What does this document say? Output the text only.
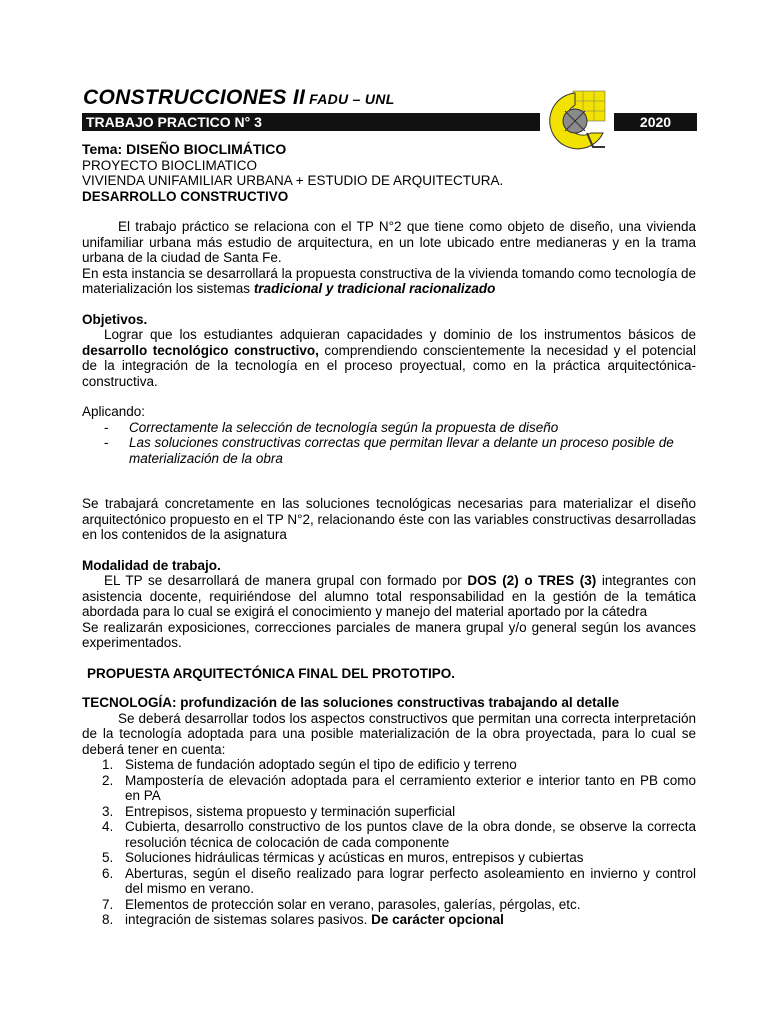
CONSTRUCCIONES II FADU – UNL
TRABAJO PRACTICO N° 3	2020

Tema: DISEÑO BIOCLIMÁTICO

PROYECTO BIOCLIMATICO

VIVIENDA UNIFAMILIAR URBANA + ESTUDIO DE ARQUITECTURA.

DESARROLLO CONSTRUCTIVO

El trabajo práctico se relaciona con el TP N°2 que tiene como objeto de diseño, una vivienda unifamiliar urbana más estudio de arquitectura, en un lote ubicado entre medianeras y en la trama urbana de la ciudad de Santa Fe.

En esta instancia se desarrollará la propuesta constructiva de la vivienda tomando como tecnología de materialización los sistemas tradicional y tradicional racionalizado

Objetivos.

Lograr que los estudiantes adquieran capacidades y dominio de los instrumentos básicos de desarrollo tecnológico constructivo, comprendiendo conscientemente la necesidad y el potencial de la integración de la tecnología en el proceso proyectual, como en la práctica arquitectónica-constructiva.

Aplicando:

- Correctamente la selección de tecnología según la propuesta de diseño
- Las soluciones constructivas correctas que permitan llevar a delante un proceso posible de materialización de la obra

Se trabajará concretamente en las soluciones tecnológicas necesarias para materializar el diseño arquitectónico propuesto en el TP N°2, relacionando éste con las variables constructivas desarrolladas en los contenidos de la asignatura

Modalidad de trabajo.

EL TP se desarrollará de manera grupal con formado por DOS (2) o TRES (3) integrantes con asistencia docente, requiriéndose del alumno total responsabilidad en la gestión de la temática abordada para lo cual se exigirá el conocimiento y manejo del material aportado por la cátedra

Se realizarán exposiciones, correcciones parciales de manera grupal y/o general según los avances experimentados.

PROPUESTA ARQUITECTÓNICA FINAL DEL PROTOTIPO.

TECNOLOGÍA: profundización de las soluciones constructivas trabajando al detalle

Se deberá desarrollar todos los aspectos constructivos que permitan una correcta interpretación de la tecnología adoptada para una posible materialización de la obra proyectada, para lo cual se deberá tener en cuenta:

1. Sistema de fundación adoptado según el tipo de edificio y terreno
2. Mampostería de elevación adoptada para el cerramiento exterior e interior tanto en PB como en PA
3. Entrepisos, sistema propuesto y terminación superficial
4. Cubierta, desarrollo constructivo de los puntos clave de la obra donde, se observe la correcta resolución técnica de colocación de cada componente
5. Soluciones hidráulicas térmicas y acústicas en muros, entrepisos y cubiertas
6. Aberturas, según el diseño realizado para lograr perfecto asoleamiento en invierno y control del mismo en verano.
7. Elementos de protección solar en verano, parasoles, galerías, pérgolas, etc.
8. integración de sistemas solares pasivos. De carácter opcional
